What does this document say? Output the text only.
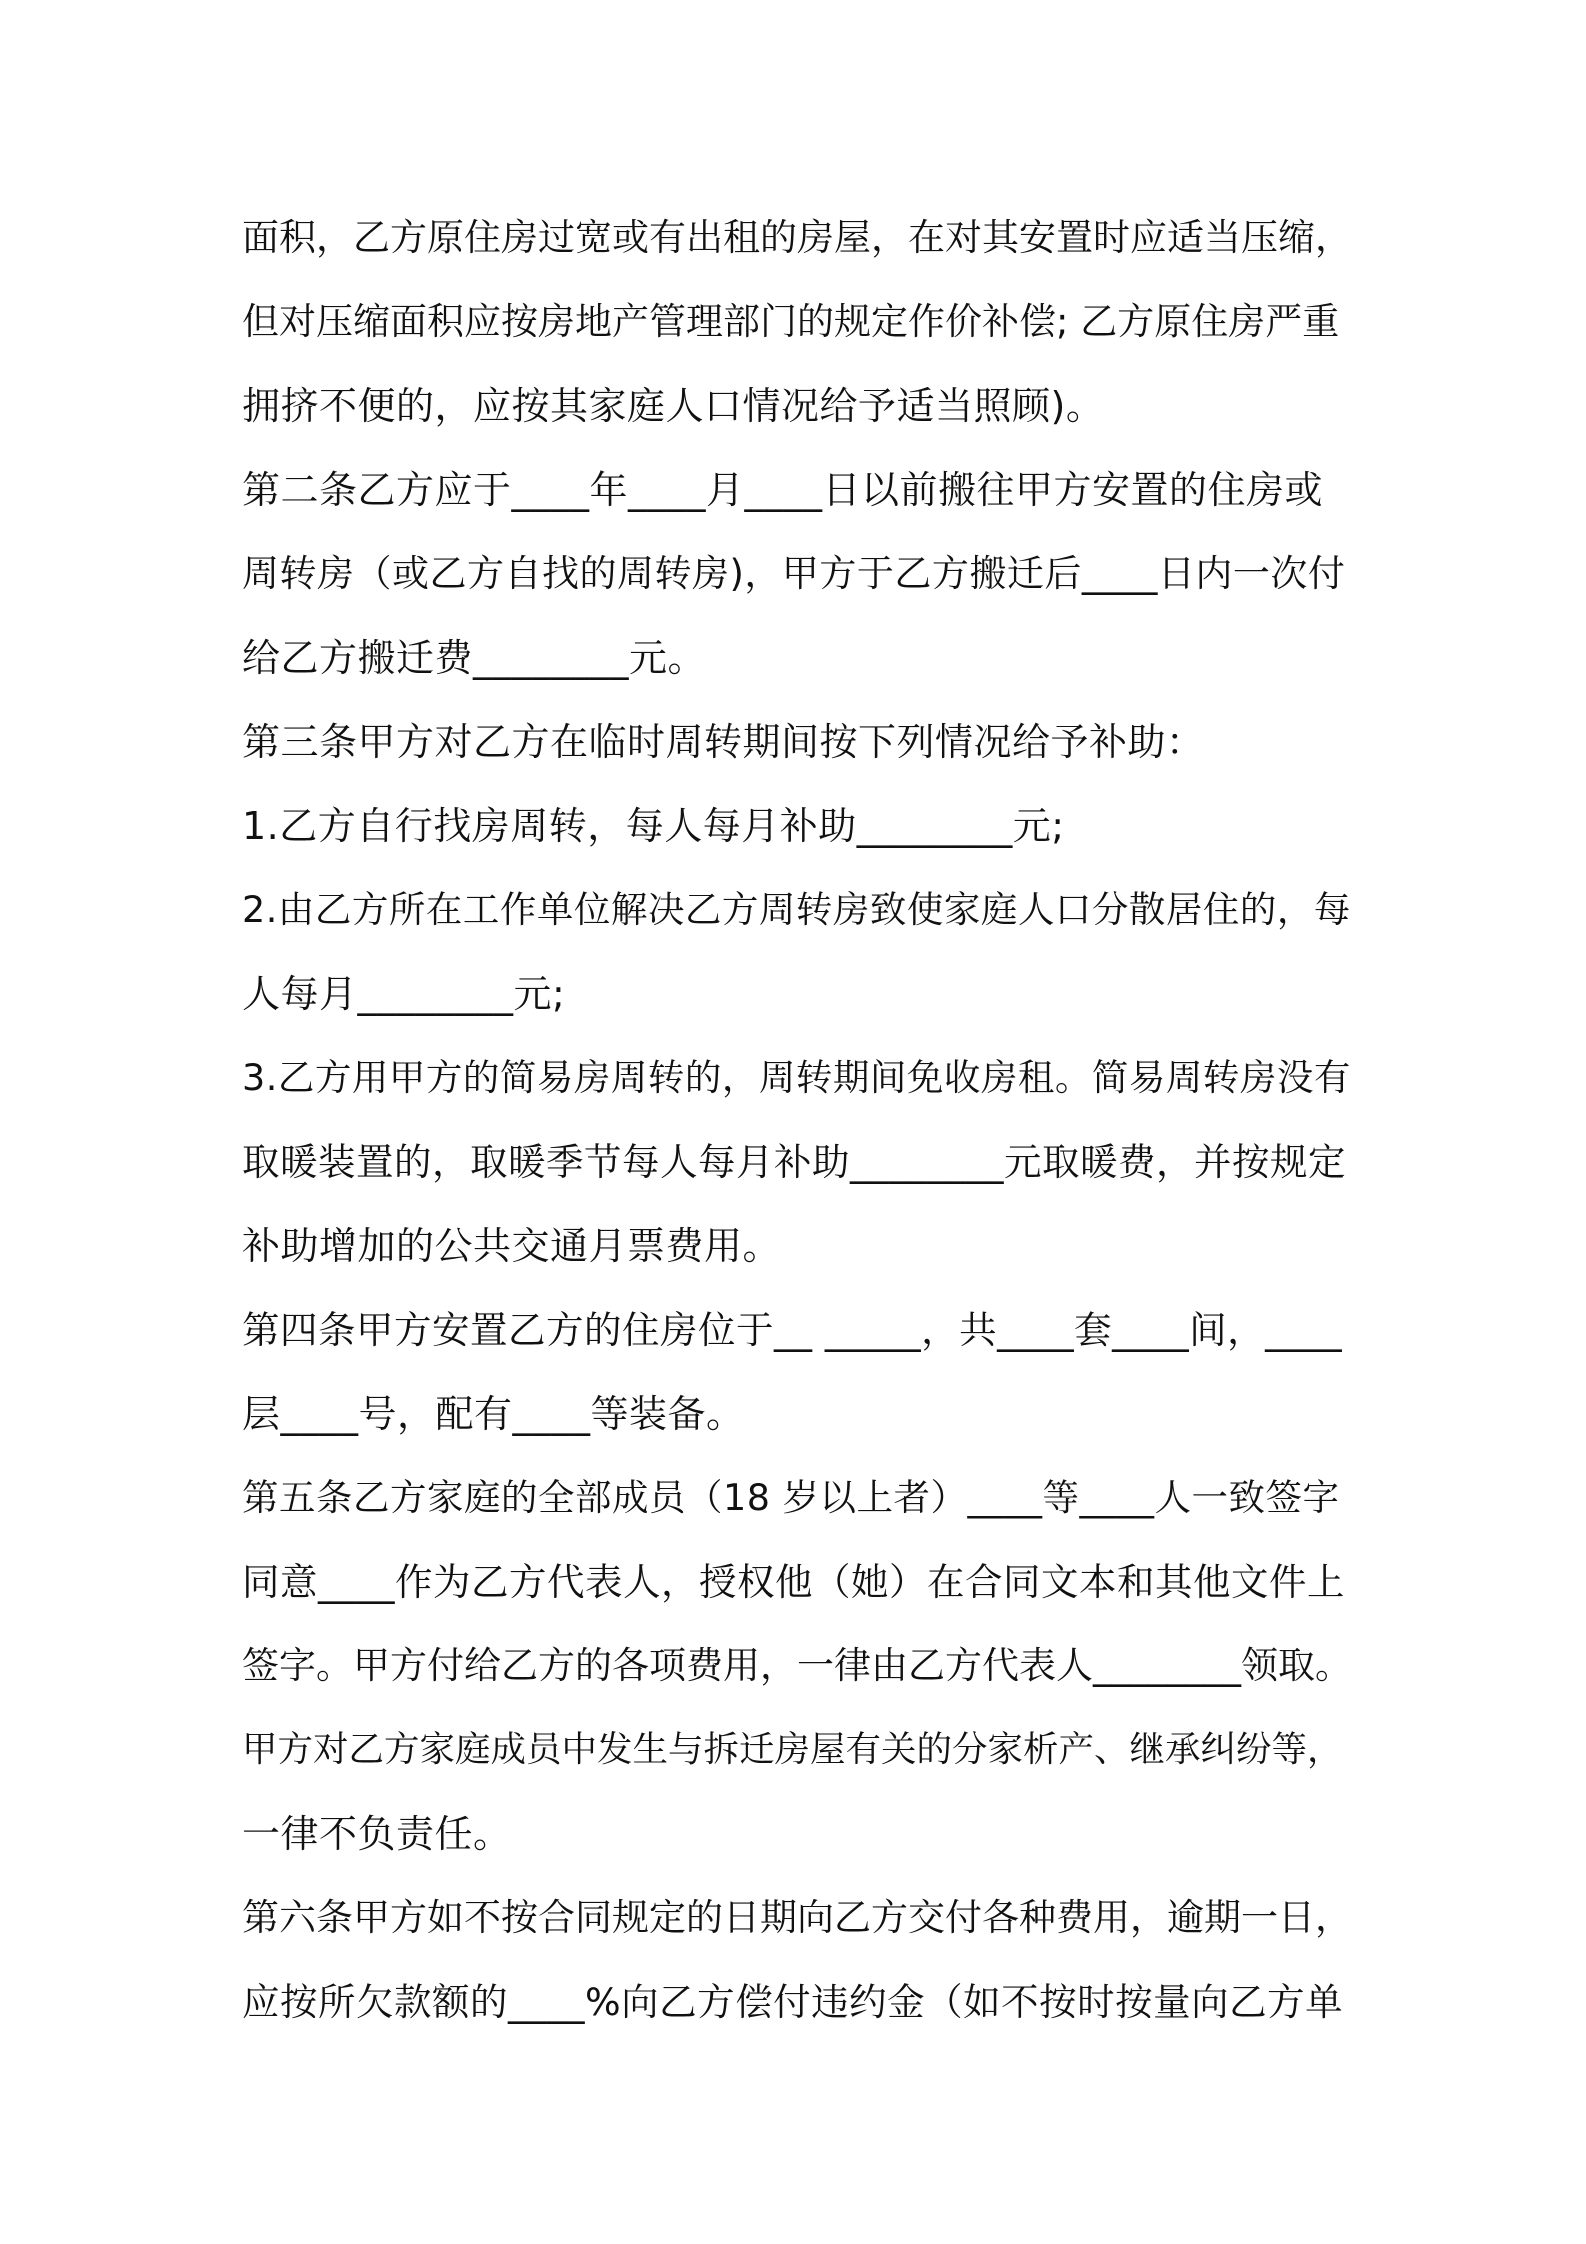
面积，乙方原住房过宽或有出租的房屋，在对其安置时应适当压缩，
但对压缩面积应按房地产管理部门的规定作价补偿; 乙方原住房严重
拥挤不便的，应按其家庭人口情况给予适当照顾)。
第二条乙方应于____年____月____日以前搬往甲方安置的住房或
周转房（或乙方自找的周转房)，甲方于乙方搬迁后____日内一次付
给乙方搬迁费________元。
第三条甲方对乙方在临时周转期间按下列情况给予补助：
1.乙方自行找房周转，每人每月补助________元;
2.由乙方所在工作单位解决乙方周转房致使家庭人口分散居住的，每
人每月________元;
3.乙方用甲方的简易房周转的，周转期间免收房租。简易周转房没有
取暖装置的，取暖季节每人每月补助________元取暖费，并按规定
补助增加的公共交通月票费用。
第四条甲方安置乙方的住房位于__ _____，共____套____间，____
层____号，配有____等装备。
第五条乙方家庭的全部成员（18 岁以上者）____等____人一致签字
同意____作为乙方代表人，授权他（她）在合同文本和其他文件上
签字。甲方付给乙方的各项费用，一律由乙方代表人________领取。
甲方对乙方家庭成员中发生与拆迁房屋有关的分家析产、继承纠纷等，
一律不负责任。
第六条甲方如不按合同规定的日期向乙方交付各种费用，逾期一日，
应按所欠款额的____%向乙方偿付违约金（如不按时按量向乙方单
